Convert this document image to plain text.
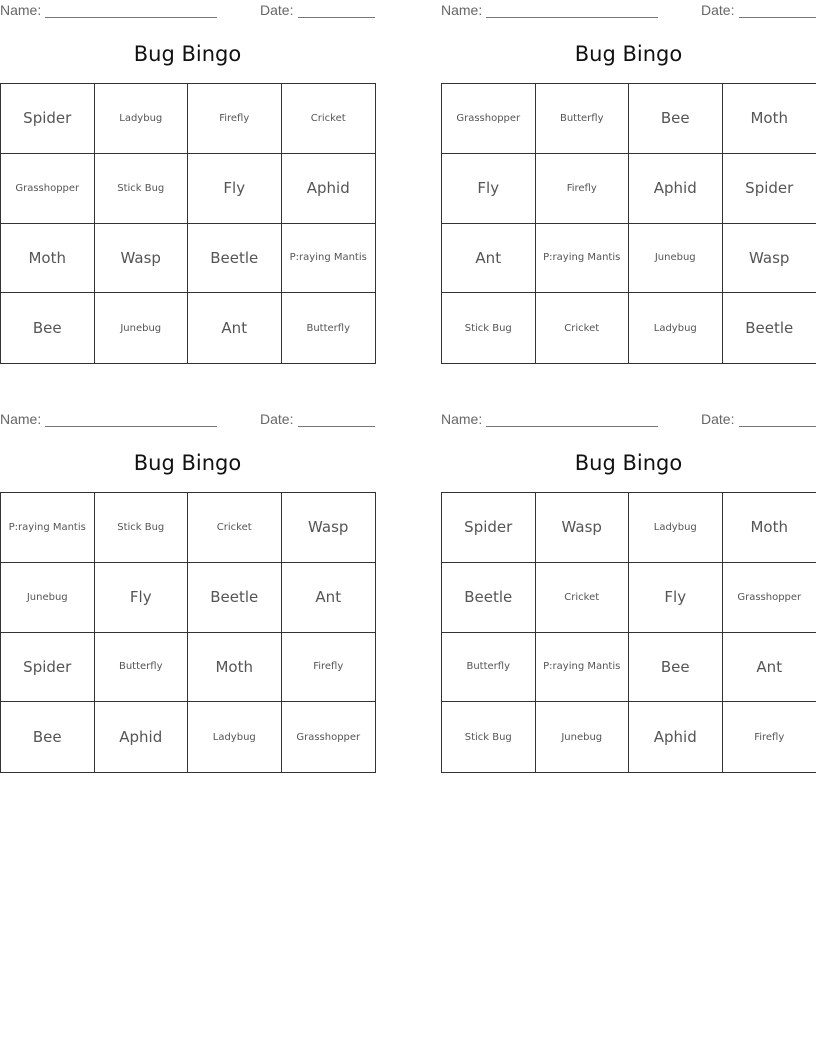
Name:	Date:
Bug Bingo
Spider	Ladybug	Firefly	Cricket
Grasshopper	Stick Bug	Fly	Aphid
Moth	Wasp	Beetle	P:raying Mantis
Bee	Junebug	Ant	Butterfly
Name:	Date:
Bug Bingo
Grasshopper	Butterfly	Bee	Moth
Fly	Firefly	Aphid	Spider
Ant	P:raying Mantis	Junebug	Wasp
Stick Bug	Cricket	Ladybug	Beetle
Name:	Date:
Bug Bingo
P:raying Mantis	Stick Bug	Cricket	Wasp
Junebug	Fly	Beetle	Ant
Spider	Butterfly	Moth	Firefly
Bee	Aphid	Ladybug	Grasshopper
Name:	Date:
Bug Bingo
Spider	Wasp	Ladybug	Moth
Beetle	Cricket	Fly	Grasshopper
Butterfly	P:raying Mantis	Bee	Ant
Stick Bug	Junebug	Aphid	Firefly
